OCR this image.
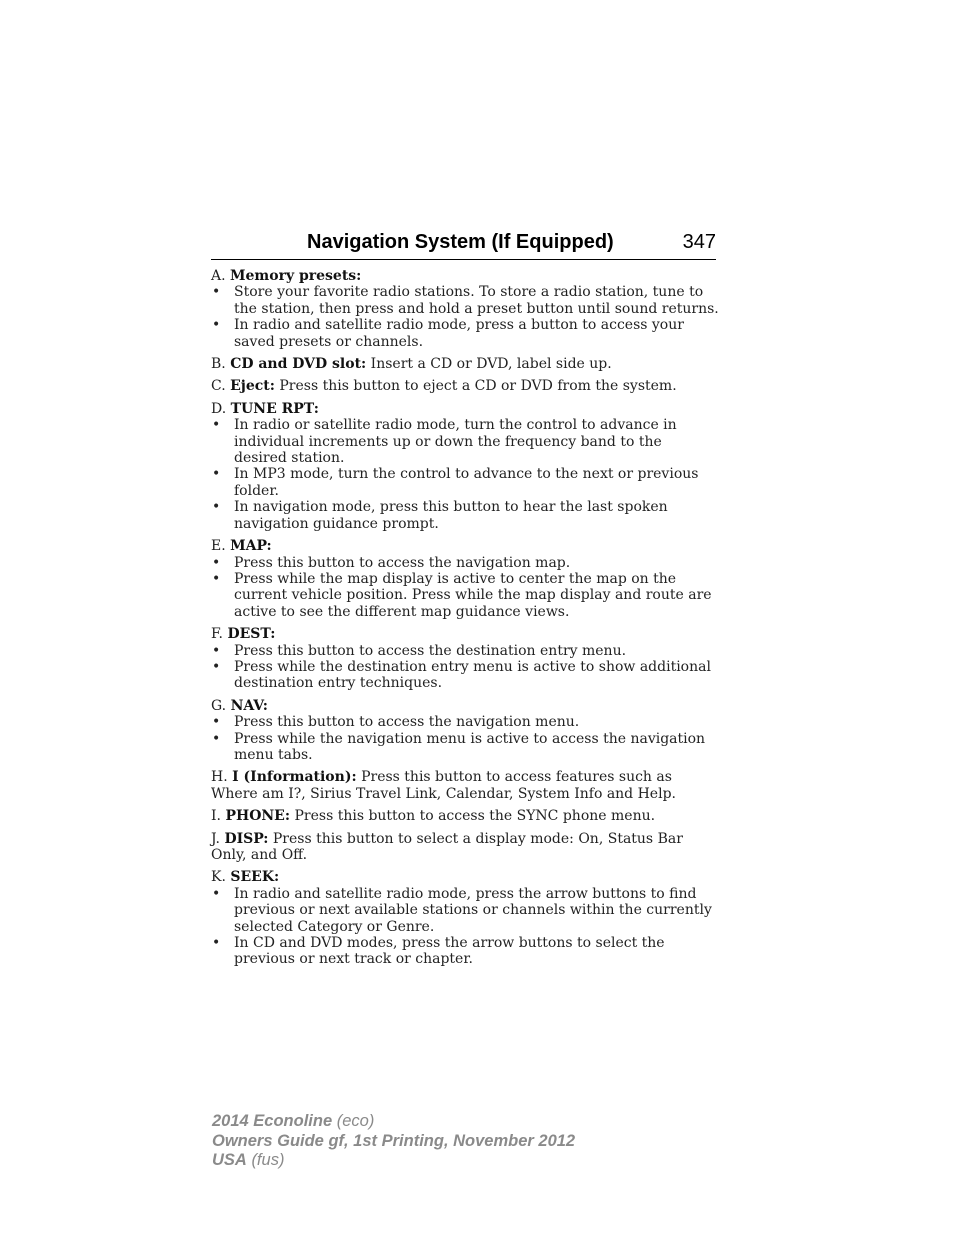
Navigation System (If Equipped)	347

A. Memory presets:

• Store your favorite radio stations. To store a radio station, tune to the station, then press and hold a preset button until sound returns.
• In radio and satellite radio mode, press a button to access your saved presets or channels.

B. CD and DVD slot: Insert a CD or DVD, label side up.

C. Eject: Press this button to eject a CD or DVD from the system.

D. TUNE RPT:

• In radio or satellite radio mode, turn the control to advance in individual increments up or down the frequency band to the desired station.
• In MP3 mode, turn the control to advance to the next or previous folder.
• In navigation mode, press this button to hear the last spoken navigation guidance prompt.

E. MAP:

• Press this button to access the navigation map.
• Press while the map display is active to center the map on the current vehicle position. Press while the map display and route are active to see the different map guidance views.

F. DEST:

• Press this button to access the destination entry menu.
• Press while the destination entry menu is active to show additional destination entry techniques.

G. NAV:

• Press this button to access the navigation menu.
• Press while the navigation menu is active to access the navigation menu tabs.

H. I (Information): Press this button to access features such as Where am I?, Sirius Travel Link, Calendar, System Info and Help.

I. PHONE: Press this button to access the SYNC phone menu.

J. DISP: Press this button to select a display mode: On, Status Bar Only, and Off.

K. SEEK:

• In radio and satellite radio mode, press the arrow buttons to find previous or next available stations or channels within the currently selected Category or Genre.
• In CD and DVD modes, press the arrow buttons to select the previous or next track or chapter.
2014 Econoline (eco)
Owners Guide gf, 1st Printing, November 2012
USA (fus)
